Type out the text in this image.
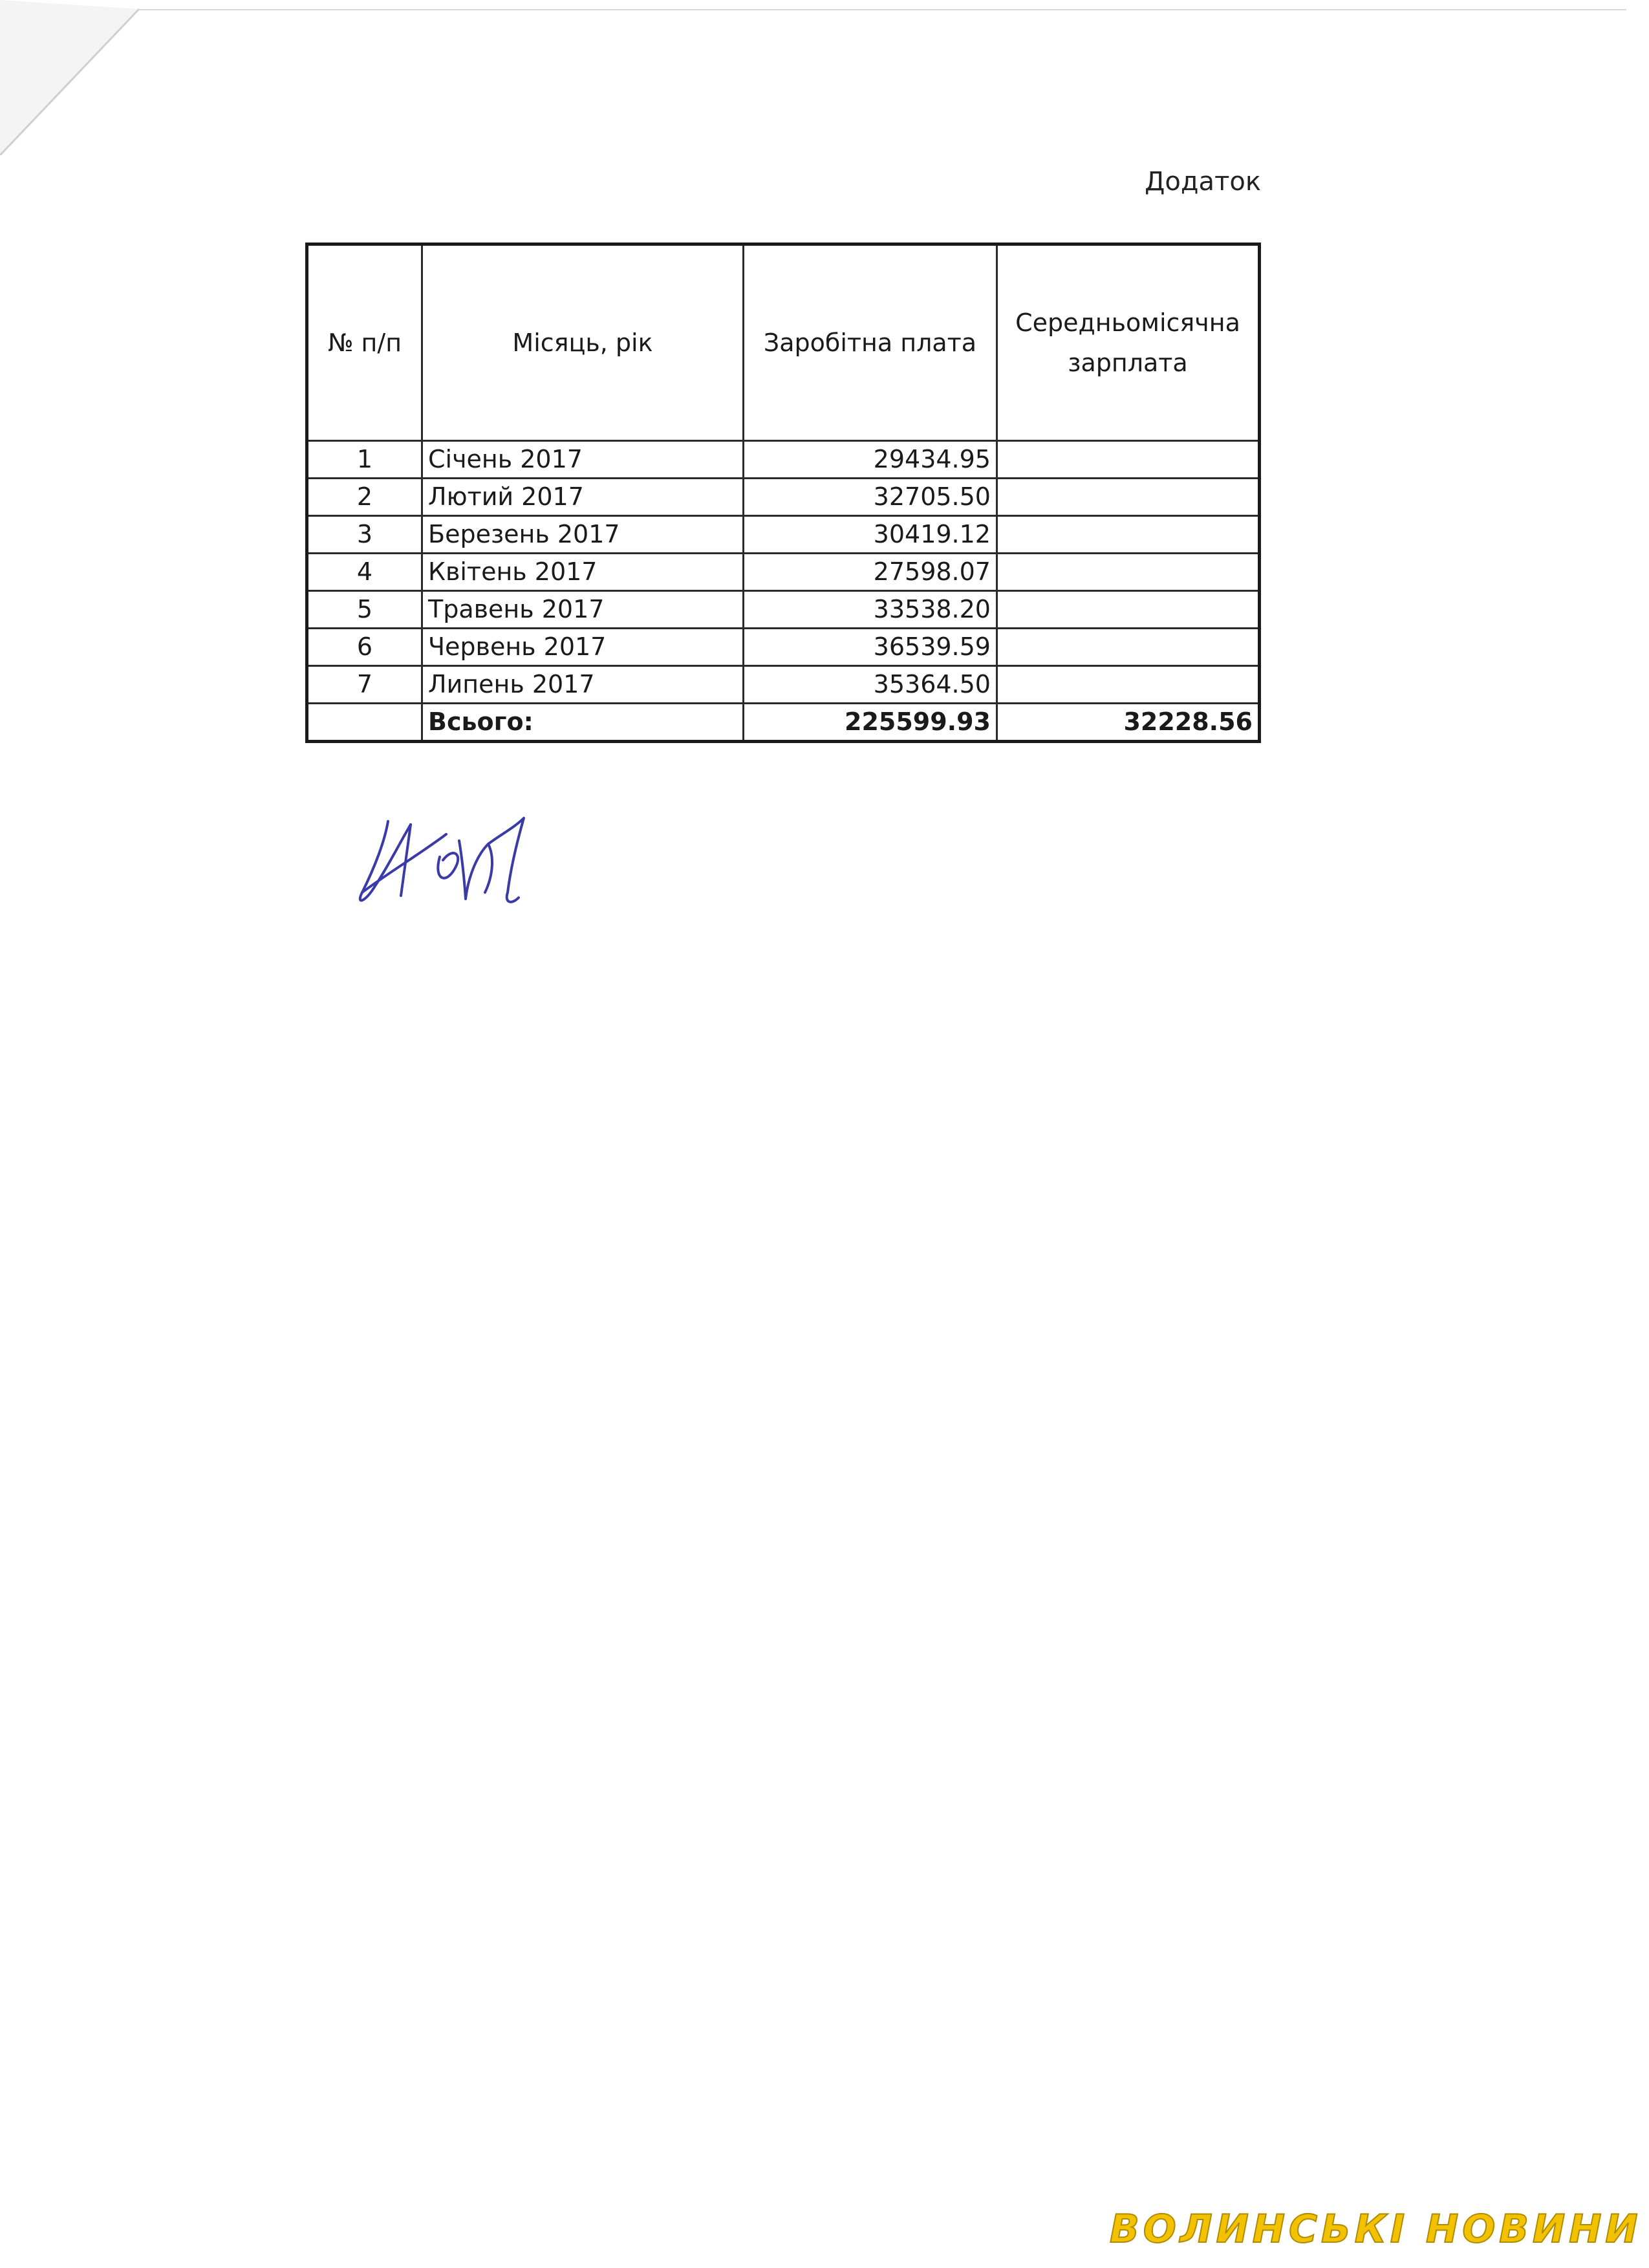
Додаток
№ п/п	Місяць, рік	Заробітна плата	Середньомісячна зарплата
1	Січень 2017	29434.95	
2	Лютий 2017	32705.50	
3	Березень 2017	30419.12	
4	Квітень 2017	27598.07	
5	Травень 2017	33538.20	
6	Червень 2017	36539.59	
7	Липень 2017	35364.50	
	Всього:	225599.93	32228.56
ВОЛИНСЬКІ НОВИНИ
